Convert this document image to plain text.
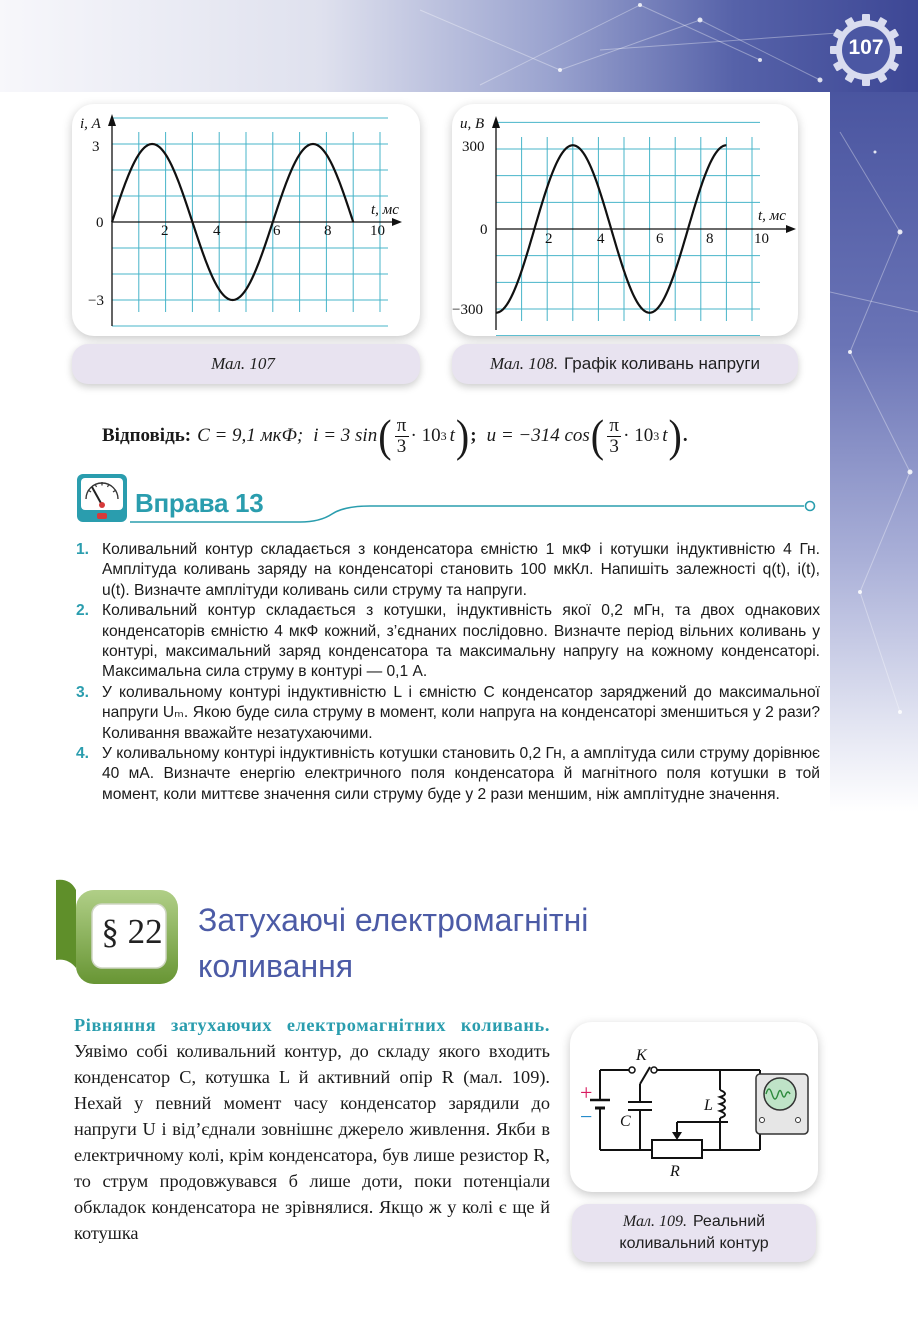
107
i, А
t, мс
3
0
−3
2	4	6	8	10
Мал. 107
u, В
t, мс
300
0
−300
2	4	6	8	10
Мал. 108. Графік коливань напруги
Відповідь: C = 9,1 мкФ; i = 3 sin ( $\frac{\pi}{3} \cdot 10$ 3 t ) ; u = −314 cos ( $\frac{\pi}{3} \cdot 10$ 3 t ) .
Вправа 13
1. Коливальний контур складається з конденсатора ємністю 1 мкФ і котушки індуктивністю 4 Гн. Амплітуда коливань заряду на конденсаторі становить 100 мкКл. Напишіть залежності q(t), i(t), u(t). Визначте амплітуди коливань сили струму та напруги.
2. Коливальний контур складається з котушки, індуктивність якої 0,2 мГн, та двох однакових конденсаторів ємністю 4 мкФ кожний, з’єднаних послідовно. Визначте період вільних коливань у контурі, максимальний заряд конденсатора та максимальну напругу на кожному конденсаторі. Максимальна сила струму в контурі — 0,1 А.
3. У коливальному контурі індуктивністю L і ємністю C конденсатор заряджений до максимальної напруги Uₘ. Якою буде сила струму в момент, коли напруга на конденсаторі зменшиться у 2 рази? Коливання вважайте незатухаючими.
4. У коливальному контурі індуктивність котушки становить 0,2 Гн, а амплітуда сили струму дорівнює 40 мА. Визначте енергію електричного поля конденсатора й магнітного поля котушки в той момент, коли миттєве значення сили струму буде у 2 рази меншим, ніж амплітудне значення.
§ 22 Затухаючі електромагнітні
коливання
Рівняння затухаючих електромагнітних коливань. Уявімо собі коливальний контур, до складу якого входить конденсатор C, котушка L й активний опір R (мал. 109). Нехай у певний момент часу конденсатор зарядили до напруги U і від’єднали зовнішнє джерело живлення. Якби в електричному колі, крім конденсатора, був лише резистор R, то струм продовжувався б лише доти, поки потенціали обкладок конденсатора не зрівнялися. Якщо ж у колі є ще й котушка
+
−
K
C
L
R
Мал. 109. Реальний
коливальний контур
